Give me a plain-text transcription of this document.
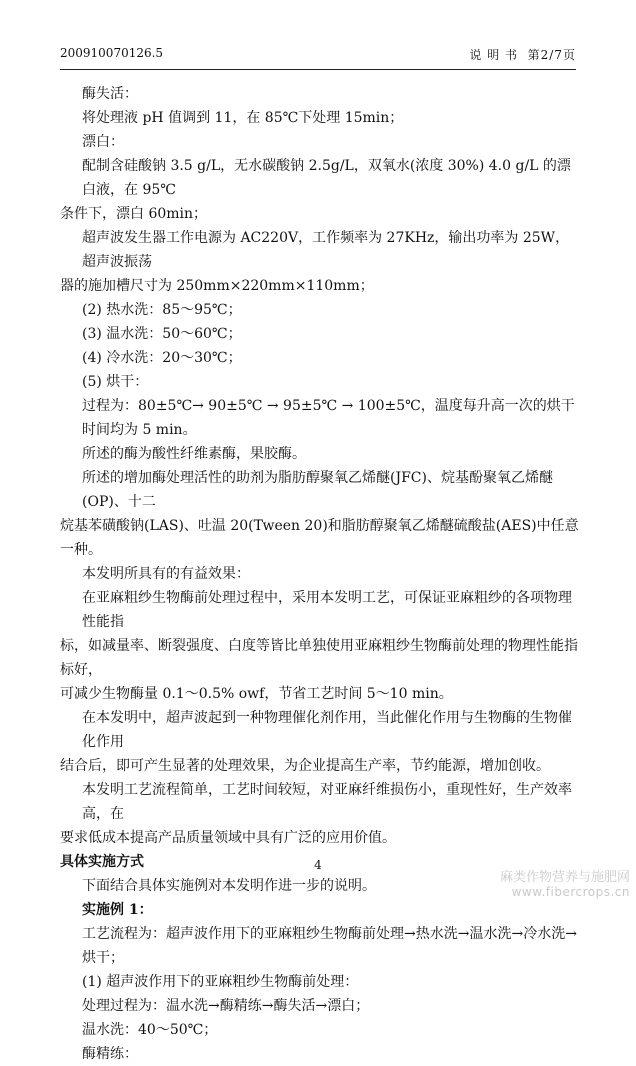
200910070126.5	说 明 书 第2/7页

酶失活：

将处理液 pH 值调到 11，在 85℃下处理 15min；

漂白：

配制含硅酸钠 3.5 g/L，无水碳酸钠 2.5g/L，双氧水(浓度 30%) 4.0 g/L 的漂白液，在 95℃

条件下，漂白 60min；

超声波发生器工作电源为 AC220V，工作频率为 27KHz，输出功率为 25W，超声波振荡

器的施加槽尺寸为 250mm×220mm×110mm；

(2) 热水洗：85～95℃；

(3) 温水洗：50～60℃；

(4) 冷水洗：20～30℃；

(5) 烘干：

过程为：80±5℃→ 90±5℃ → 95±5℃ → 100±5℃，温度每升高一次的烘干时间均为 5 min。

所述的酶为酸性纤维素酶，果胶酶。

所述的增加酶处理活性的助剂为脂肪醇聚氧乙烯醚(JFC)、烷基酚聚氧乙烯醚(OP)、十二

烷基苯磺酸钠(LAS)、吐温 20(Tween 20)和脂肪醇聚氧乙烯醚硫酸盐(AES)中任意一种。

本发明所具有的有益效果：

在亚麻粗纱生物酶前处理过程中，采用本发明工艺，可保证亚麻粗纱的各项物理性能指

标，如减量率、断裂强度、白度等皆比单独使用亚麻粗纱生物酶前处理的物理性能指标好，

可减少生物酶量 0.1～0.5% owf，节省工艺时间 5～10 min。

在本发明中，超声波起到一种物理催化剂作用，当此催化作用与生物酶的生物催化作用

结合后，即可产生显著的处理效果，为企业提高生产率，节约能源，增加创收。

本发明工艺流程简单，工艺时间较短，对亚麻纤维损伤小，重现性好，生产效率高，在

要求低成本提高产品质量领域中具有广泛的应用价值。

具体实施方式

下面结合具体实施例对本发明作进一步的说明。

实施例 1：

工艺流程为：超声波作用下的亚麻粗纱生物酶前处理→热水洗→温水洗→冷水洗→烘干；

(1) 超声波作用下的亚麻粗纱生物酶前处理：

处理过程为：温水洗→酶精练→酶失活→漂白；

温水洗：40～50℃；

酶精练：

4
麻类作物营养与施肥网
www.fibercrops.cn
